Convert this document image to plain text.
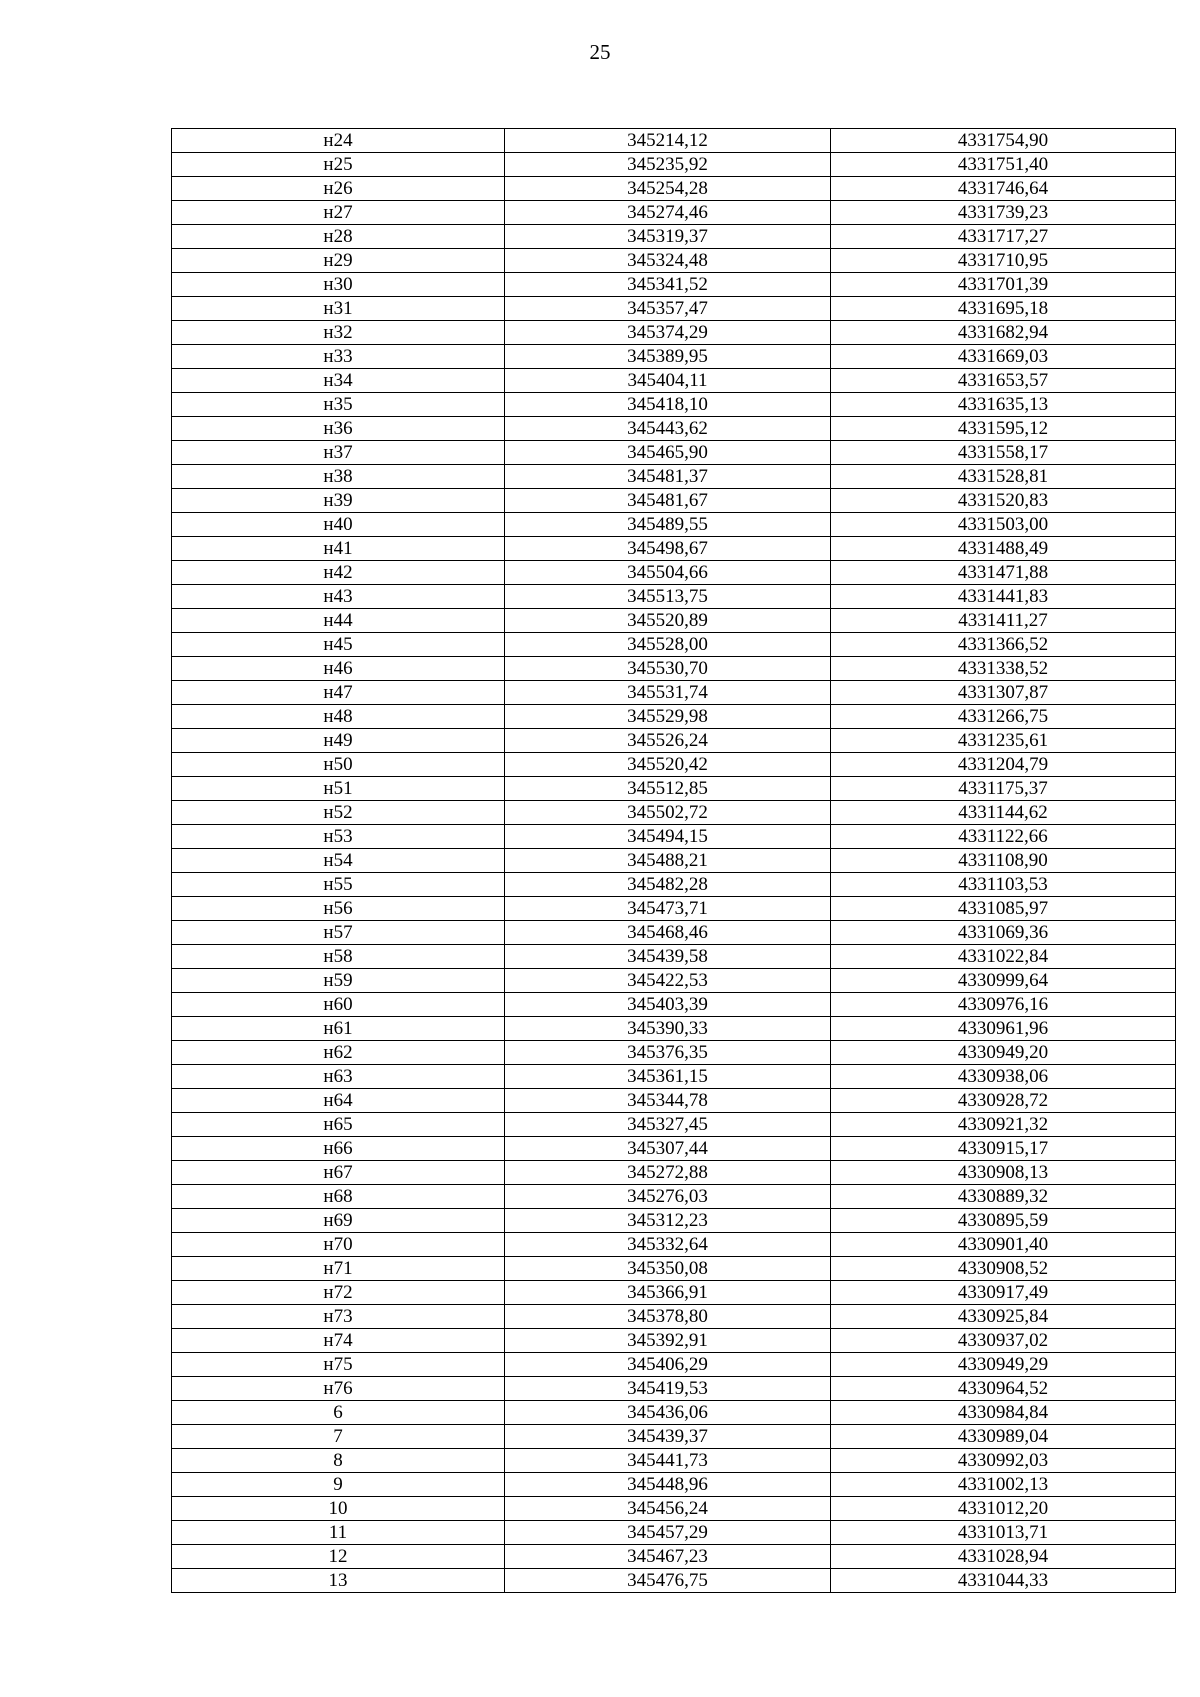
25
н24	345214,12	4331754,90
н25	345235,92	4331751,40
н26	345254,28	4331746,64
н27	345274,46	4331739,23
н28	345319,37	4331717,27
н29	345324,48	4331710,95
н30	345341,52	4331701,39
н31	345357,47	4331695,18
н32	345374,29	4331682,94
н33	345389,95	4331669,03
н34	345404,11	4331653,57
н35	345418,10	4331635,13
н36	345443,62	4331595,12
н37	345465,90	4331558,17
н38	345481,37	4331528,81
н39	345481,67	4331520,83
н40	345489,55	4331503,00
н41	345498,67	4331488,49
н42	345504,66	4331471,88
н43	345513,75	4331441,83
н44	345520,89	4331411,27
н45	345528,00	4331366,52
н46	345530,70	4331338,52
н47	345531,74	4331307,87
н48	345529,98	4331266,75
н49	345526,24	4331235,61
н50	345520,42	4331204,79
н51	345512,85	4331175,37
н52	345502,72	4331144,62
н53	345494,15	4331122,66
н54	345488,21	4331108,90
н55	345482,28	4331103,53
н56	345473,71	4331085,97
н57	345468,46	4331069,36
н58	345439,58	4331022,84
н59	345422,53	4330999,64
н60	345403,39	4330976,16
н61	345390,33	4330961,96
н62	345376,35	4330949,20
н63	345361,15	4330938,06
н64	345344,78	4330928,72
н65	345327,45	4330921,32
н66	345307,44	4330915,17
н67	345272,88	4330908,13
н68	345276,03	4330889,32
н69	345312,23	4330895,59
н70	345332,64	4330901,40
н71	345350,08	4330908,52
н72	345366,91	4330917,49
н73	345378,80	4330925,84
н74	345392,91	4330937,02
н75	345406,29	4330949,29
н76	345419,53	4330964,52
6	345436,06	4330984,84
7	345439,37	4330989,04
8	345441,73	4330992,03
9	345448,96	4331002,13
10	345456,24	4331012,20
11	345457,29	4331013,71
12	345467,23	4331028,94
13	345476,75	4331044,33
